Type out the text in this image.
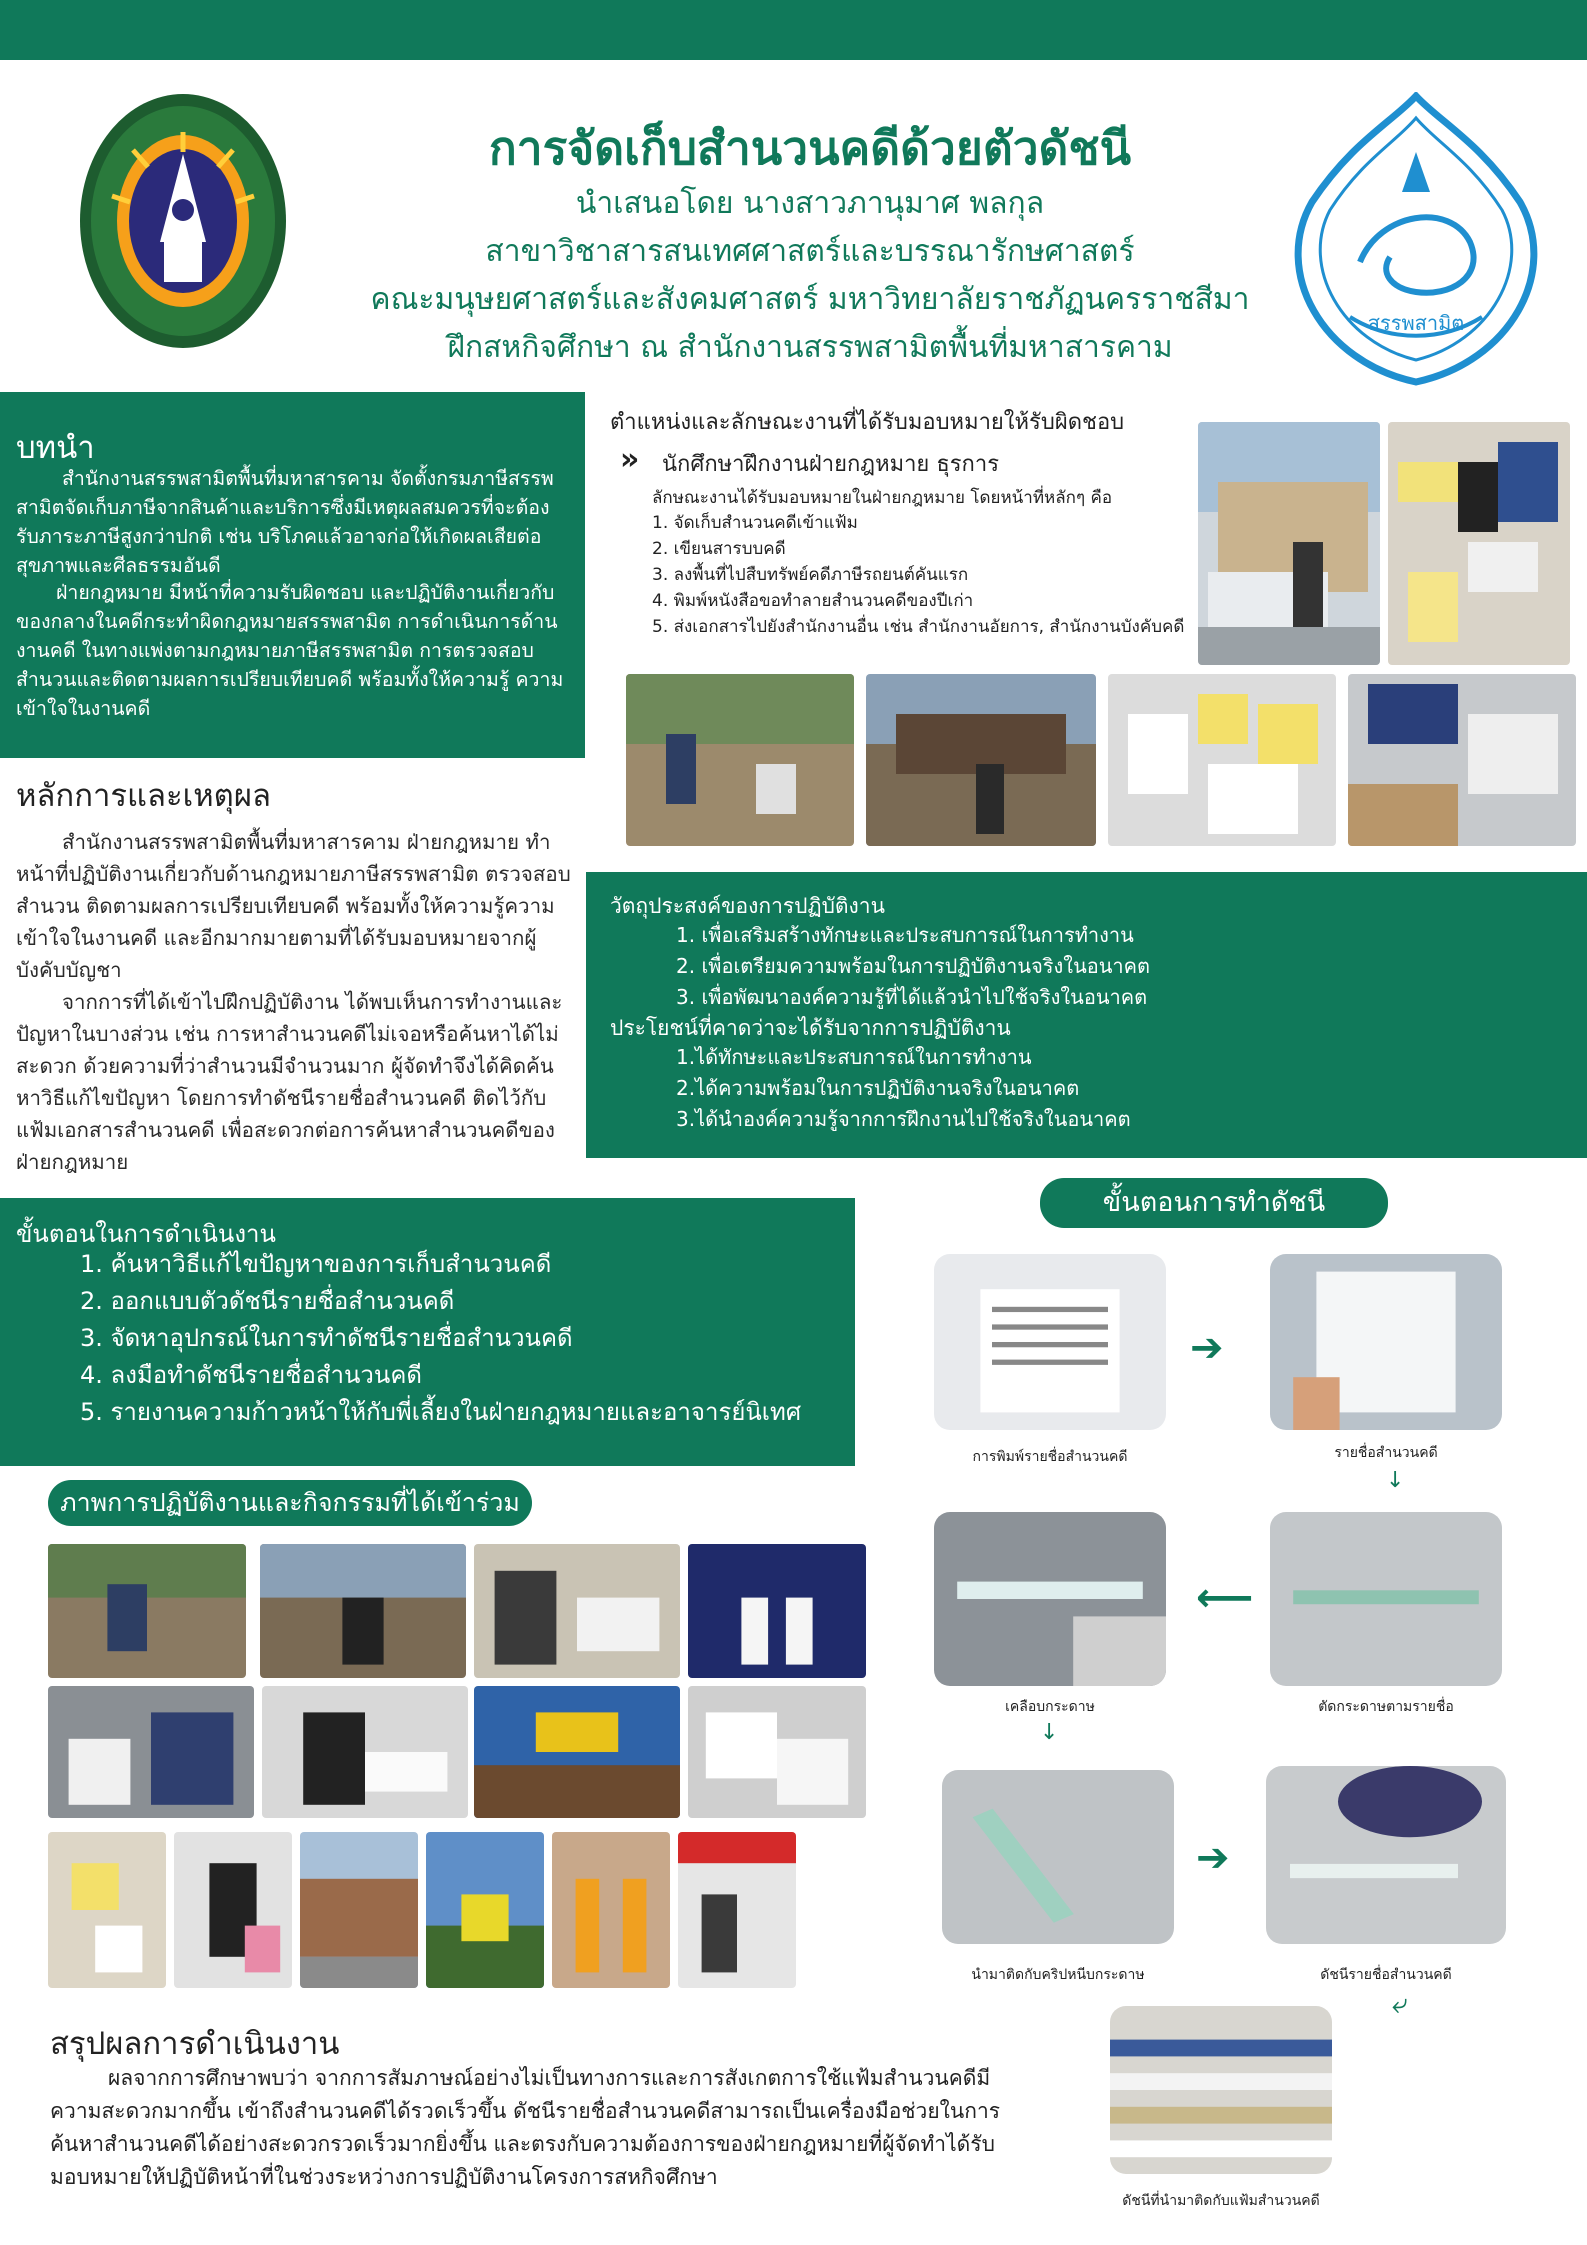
การจัดเก็บสำนวนคดีด้วยตัวดัชนี
นำเสนอโดย นางสาวภานุมาศ พลกุล
สาขาวิชาสารสนเทศศาสตร์และบรรณารักษศาสตร์
คณะมนุษยศาสตร์และสังคมศาสตร์ มหาวิทยาลัยราชภัฏนครราชสีมา
ฝึกสหกิจศึกษา ณ สำนักงานสรรพสามิตพื้นที่มหาสารคาม
สรรพสามิต
บทนำ
สำนักงานสรรพสามิตพื้นที่มหาสารคาม จัดตั้งกรมภาษีสรรพสามิตจัดเก็บภาษีจากสินค้าและบริการซึ่งมีเหตุผลสมควรที่จะต้องรับภาระภาษีสูงกว่าปกติ เช่น บริโภคแล้วอาจก่อให้เกิดผลเสียต่อสุขภาพและศีลธรรมอันดี
ฝ่ายกฎหมาย มีหน้าที่ความรับผิดชอบ และปฏิบัติงานเกี่ยวกับของกลางในคดีกระทำผิดกฎหมายสรรพสามิต การดำเนินการด้านงานคดี ในทางแพ่งตามกฎหมายภาษีสรรพสามิต การตรวจสอบสำนวนและติดตามผลการเปรียบเทียบคดี พร้อมทั้งให้ความรู้ ความเข้าใจในงานคดี
หลักการและเหตุผล
สำนักงานสรรพสามิตพื้นที่มหาสารคาม ฝ่ายกฎหมาย ทำหน้าที่ปฏิบัติงานเกี่ยวกับด้านกฎหมายภาษีสรรพสามิต ตรวจสอบสำนวน ติดตามผลการเปรียบเทียบคดี พร้อมทั้งให้ความรู้ความเข้าใจในงานคดี และอีกมากมายตามที่ได้รับมอบหมายจากผู้บังคับบัญชา
จากการที่ได้เข้าไปฝึกปฏิบัติงาน ได้พบเห็นการทำงานและปัญหาในบางส่วน เช่น การหาสำนวนคดีไม่เจอหรือค้นหาได้ไม่สะดวก ด้วยความที่ว่าสำนวนมีจำนวนมาก ผู้จัดทำจึงได้คิดค้นหาวิธีแก้ไขปัญหา โดยการทำดัชนีรายชื่อสำนวนคดี ติดไว้กับแฟ้มเอกสารสำนวนคดี เพื่อสะดวกต่อการค้นหาสำนวนคดีของฝ่ายกฎหมาย
ตำแหน่งและลักษณะงานที่ได้รับมอบหมายให้รับผิดชอบ
» นักศึกษาฝึกงานฝ่ายกฎหมาย ธุรการ
ลักษณะงานได้รับมอบหมายในฝ่ายกฎหมาย โดยหน้าที่หลักๆ คือ
1. จัดเก็บสำนวนคดีเข้าแฟ้ม
2. เขียนสารบบคดี
3. ลงพื้นที่ไปสืบทรัพย์คดีภาษีรถยนต์คันแรก
4. พิมพ์หนังสือขอทำลายสำนวนคดีของปีเก่า
5. ส่งเอกสารไปยังสำนักงานอื่น เช่น สำนักงานอัยการ, สำนักงานบังคับคดี
วัตถุประสงค์ของการปฏิบัติงาน
1. เพื่อเสริมสร้างทักษะและประสบการณ์ในการทำงาน
2. เพื่อเตรียมความพร้อมในการปฏิบัติงานจริงในอนาคต
3. เพื่อพัฒนาองค์ความรู้ที่ได้แล้วนำไปใช้จริงในอนาคต
ประโยชน์ที่คาดว่าจะได้รับจากการปฏิบัติงาน
1.ได้ทักษะและประสบการณ์ในการทำงาน
2.ได้ความพร้อมในการปฏิบัติงานจริงในอนาคต
3.ได้นำองค์ความรู้จากการฝึกงานไปใช้จริงในอนาคต
ขั้นตอนในการดำเนินงาน
1. ค้นหาวิธีแก้ไขปัญหาของการเก็บสำนวนคดี
2. ออกแบบตัวดัชนีรายชื่อสำนวนคดี
3. จัดหาอุปกรณ์ในการทำดัชนีรายชื่อสำนวนคดี
4. ลงมือทำดัชนีรายชื่อสำนวนคดี
5. รายงานความก้าวหน้าให้กับพี่เลี้ยงในฝ่ายกฎหมายและอาจารย์นิเทศ
ภาพการปฏิบัติงานและกิจกรรมที่ได้เข้าร่วม
ขั้นตอนการทำดัชนี
การพิมพ์รายชื่อสำนวนคดี	รายชื่อสำนวนคดี
ตัดกระดาษตามรายชื่อ
เคลือบกระดาษ
นำมาติดกับคริปหนีบกระดาษ	ดัชนีรายชื่อสำนวนคดี
ดัชนีที่นำมาติดกับแฟ้มสำนวนคดี
➔
↓
⟵
↓
➔
⤶
สรุปผลการดำเนินงาน
ผลจากการศึกษาพบว่า จากการสัมภาษณ์อย่างไม่เป็นทางการและการสังเกตการใช้แฟ้มสำนวนคดีมีความสะดวกมากขึ้น เข้าถึงสำนวนคดีได้รวดเร็วขึ้น ดัชนีรายชื่อสำนวนคดีสามารถเป็นเครื่องมือช่วยในการค้นหาสำนวนคดีได้อย่างสะดวกรวดเร็วมากยิ่งขึ้น และตรงกับความต้องการของฝ่ายกฎหมายที่ผู้จัดทำได้รับมอบหมายให้ปฏิบัติหน้าที่ในช่วงระหว่างการปฏิบัติงานโครงการสหกิจศึกษา
